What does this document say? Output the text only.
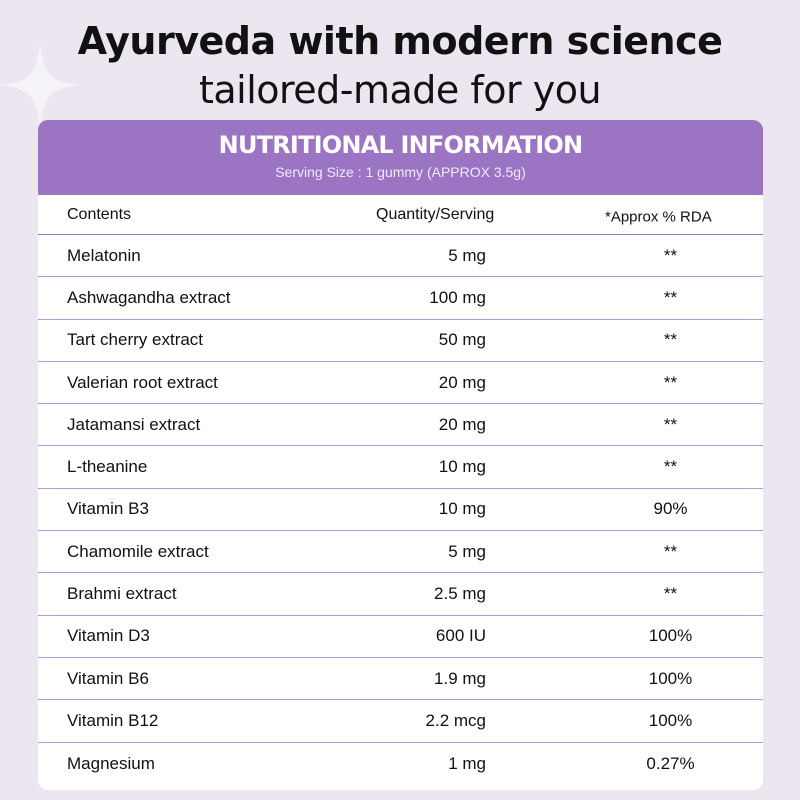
Ayurveda with modern science
tailored-made for you
NUTRITIONAL INFORMATION
Serving Size : 1 gummy (APPROX 3.5g)
Contents	Quantity/Serving	*Approx % RDA
Melatonin	5 mg	**
Ashwagandha extract	100 mg	**
Tart cherry extract	50 mg	**
Valerian root extract	20 mg	**
Jatamansi extract	20 mg	**
L-theanine	10 mg	**
Vitamin B3	10 mg	90%
Chamomile extract	5 mg	**
Brahmi extract	2.5 mg	**
Vitamin D3	600 IU	100%
Vitamin B6	1.9 mg	100%
Vitamin B12	2.2 mcg	100%
Magnesium	1 mg	0.27%
